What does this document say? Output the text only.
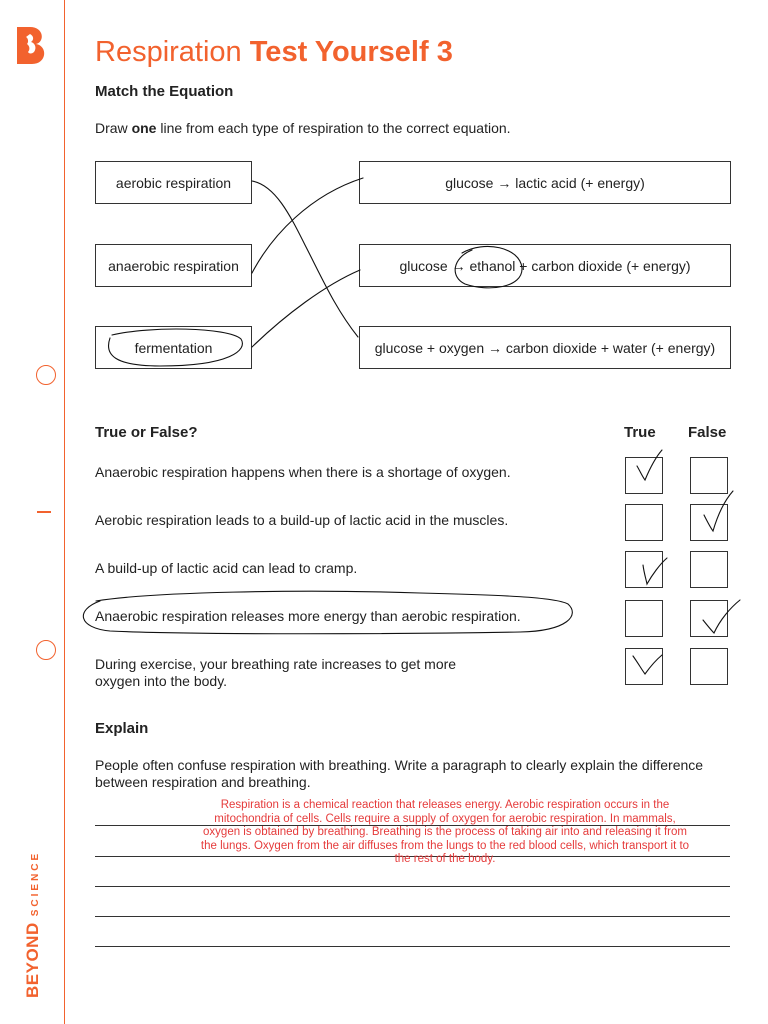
BEYONDSCIENCE
Respiration Test Yourself 3
Match the Equation
Draw one line from each type of respiration to the correct equation.
aerobic respiration
anaerobic respiration
fermentation
glucose → lactic acid (+ energy)
glucose → ethanol + carbon dioxide (+ energy)
glucose + oxygen → carbon dioxide + water (+ energy)
True or False?	True False
Anaerobic respiration happens when there is a shortage of oxygen.
Aerobic respiration leads to a build-up of lactic acid in the muscles.
A build-up of lactic acid can lead to cramp.
Anaerobic respiration releases more energy than aerobic respiration.
During exercise, your breathing rate increases to get more
oxygen into the body.
Explain
People often confuse respiration with breathing. Write a paragraph to clearly explain the difference
between respiration and breathing.
Respiration is a chemical reaction that releases energy. Aerobic respiration occurs in the mitochondria of cells. Cells require a supply of oxygen for aerobic respiration. In mammals, oxygen is obtained by breathing. Breathing is the process of taking air into and releasing it from the lungs. Oxygen from the air diffuses from the lungs to the red blood cells, which transport it to the rest of the body.
